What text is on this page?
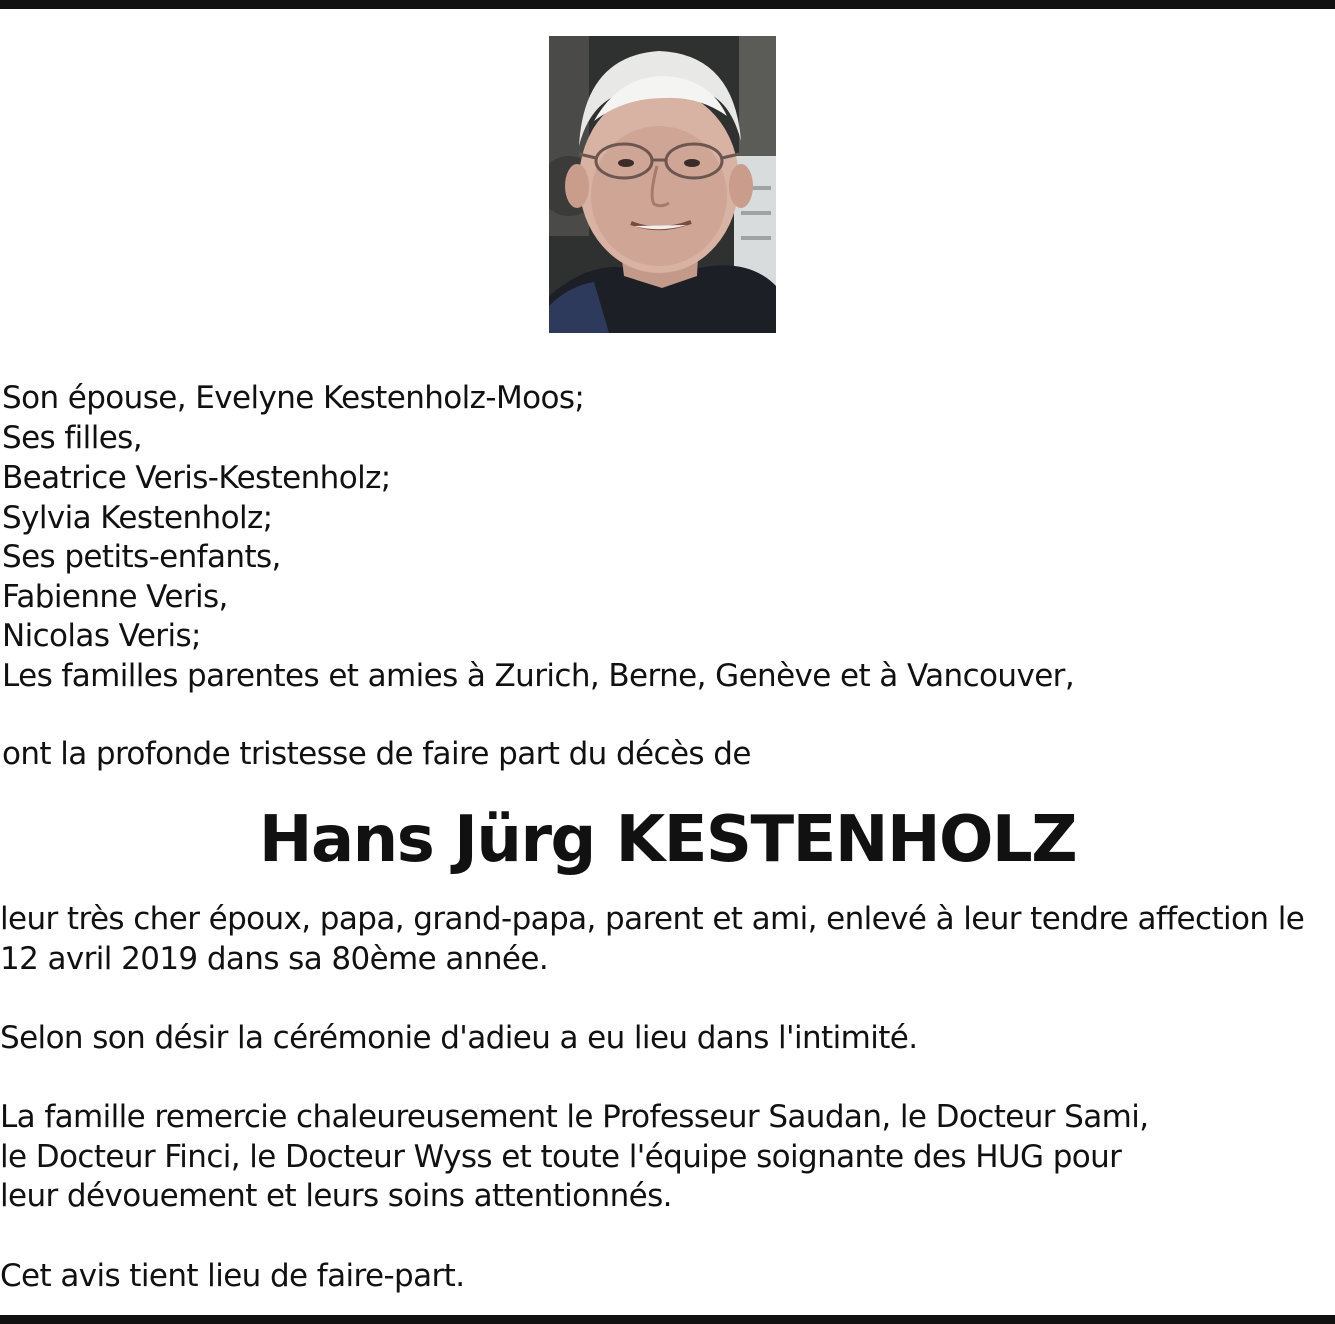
Son épouse, Evelyne Kestenholz-Moos;
Ses filles,
Beatrice Veris-Kestenholz;
Sylvia Kestenholz;
Ses petits-enfants,
Fabienne Veris,
Nicolas Veris;
Les familles parentes et amies à Zurich, Berne, Genève et à Vancouver,
ont la profonde tristesse de faire part du décès de
Hans Jürg KESTENHOLZ
leur très cher époux, papa, grand-papa, parent et ami, enlevé à leur tendre affection le
12 avril 2019 dans sa 80ème année.
Selon son désir la cérémonie d'adieu a eu lieu dans l'intimité.
La famille remercie chaleureusement le Professeur Saudan, le Docteur Sami,
le Docteur Finci, le Docteur Wyss et toute l'équipe soignante des HUG pour
leur dévouement et leurs soins attentionnés.
Cet avis tient lieu de faire-part.
